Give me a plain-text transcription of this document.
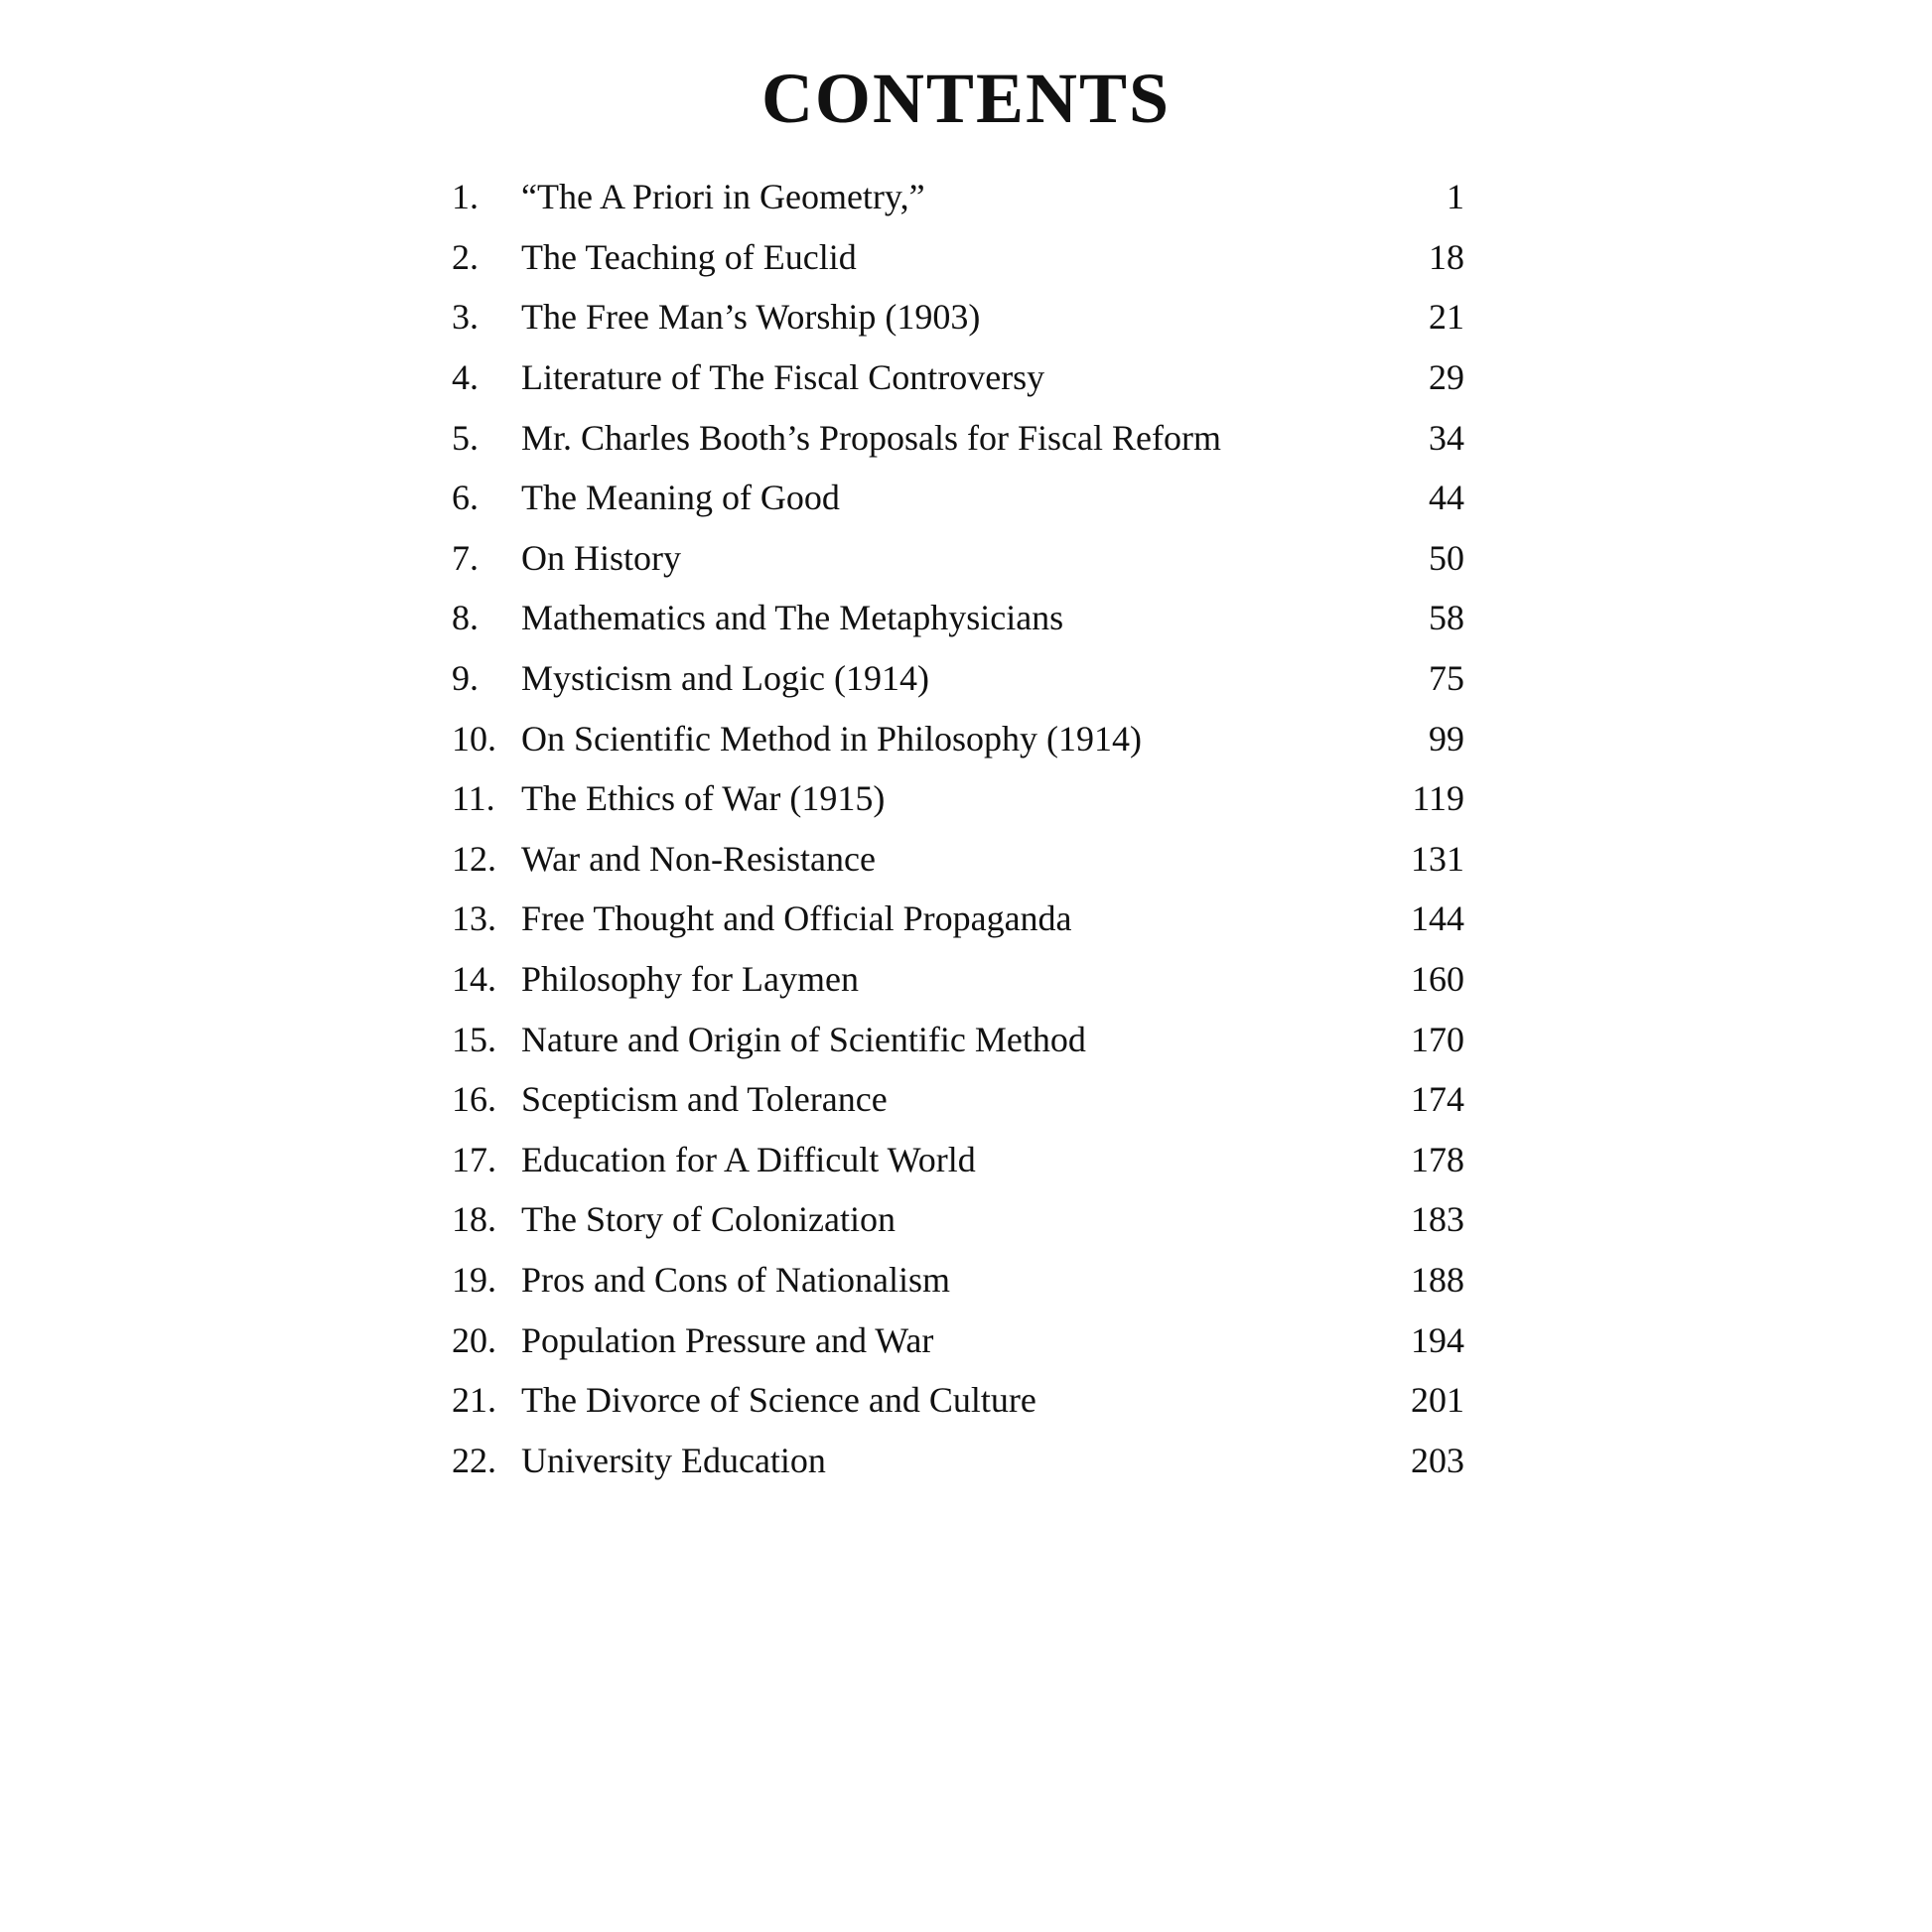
CONTENTS
1.	“The A Priori in Geometry,”	1
2.	The Teaching of Euclid	18
3.	The Free Man’s Worship (1903)	21
4.	Literature of The Fiscal Controversy	29
5.	Mr. Charles Booth’s Proposals for Fiscal Reform	34
6.	The Meaning of Good	44
7.	On History	50
8.	Mathematics and The Metaphysicians	58
9.	Mysticism and Logic (1914)	75
10. On Scientific Method in Philosophy (1914)	99
11. The Ethics of War (1915)	119
12. War and Non-Resistance	131
13. Free Thought and Official Propaganda	144
14. Philosophy for Laymen	160
15. Nature and Origin of Scientific Method	170
16. Scepticism and Tolerance	174
17. Education for A Difficult World	178
18. The Story of Colonization	183
19. Pros and Cons of Nationalism	188
20. Population Pressure and War	194
21. The Divorce of Science and Culture	201
22. University Education	203
